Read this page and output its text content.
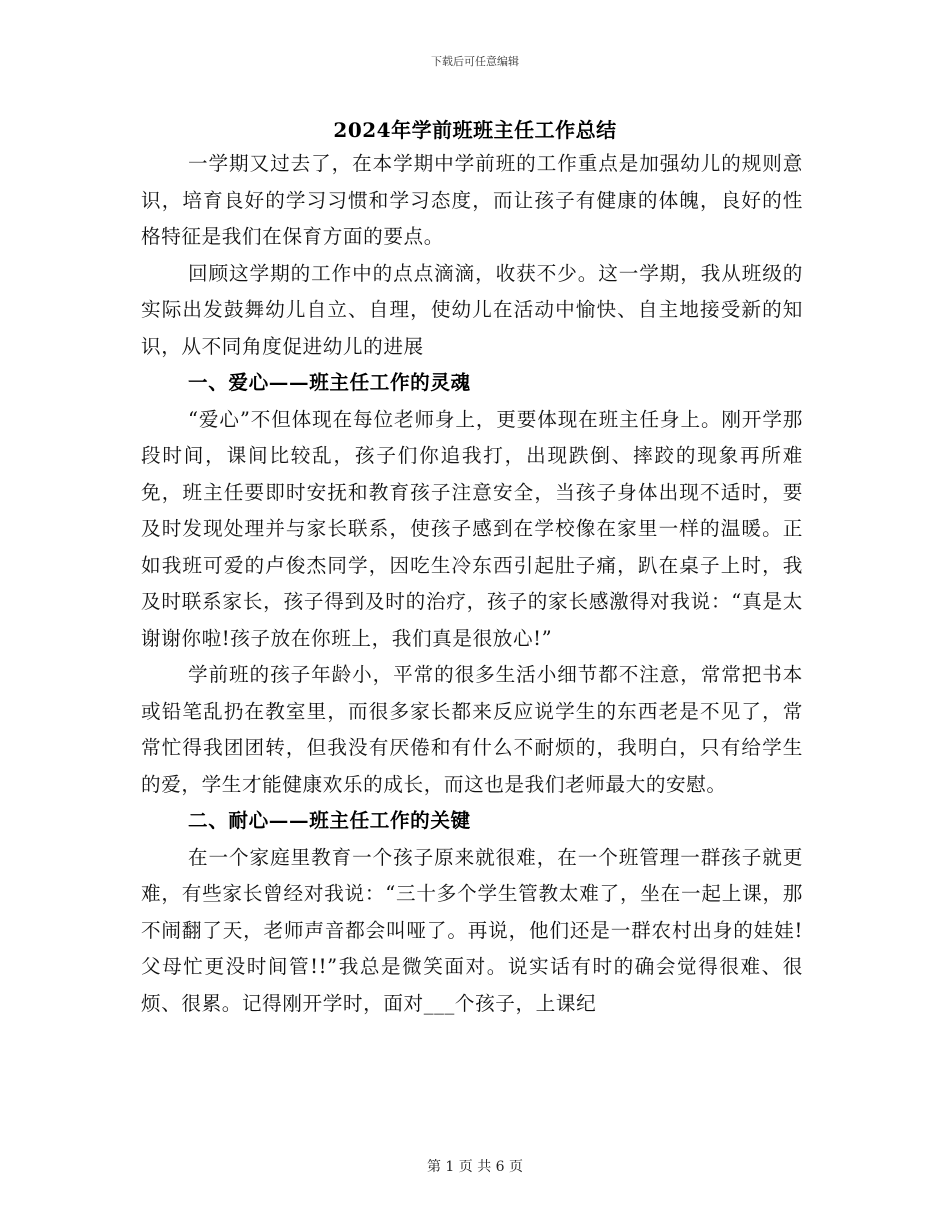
下载后可任意编辑
2024年学前班班主任工作总结

一学期又过去了，在本学期中学前班的工作重点是加强幼儿的规则意识，培育良好的学习习惯和学习态度，而让孩子有健康的体魄，良好的性格特征是我们在保育方面的要点。

回顾这学期的工作中的点点滴滴，收获不少。这一学期，我从班级的实际出发鼓舞幼儿自立、自理，使幼儿在活动中愉快、自主地接受新的知识，从不同角度促进幼儿的进展

一、爱心——班主任工作的灵魂

“爱心”不但体现在每位老师身上，更要体现在班主任身上。刚开学那段时间，课间比较乱，孩子们你追我打，出现跌倒、摔跤的现象再所难免，班主任要即时安抚和教育孩子注意安全，当孩子身体出现不适时，要及时发现处理并与家长联系，使孩子感到在学校像在家里一样的温暖。正如我班可爱的卢俊杰同学，因吃生冷东西引起肚子痛，趴在桌子上时，我及时联系家长，孩子得到及时的治疗，孩子的家长感激得对我说：“真是太谢谢你啦!孩子放在你班上，我们真是很放心!”

学前班的孩子年龄小，平常的很多生活小细节都不注意，常常把书本或铅笔乱扔在教室里，而很多家长都来反应说学生的东西老是不见了，常常忙得我团团转，但我没有厌倦和有什么不耐烦的，我明白，只有给学生的爱，学生才能健康欢乐的成长，而这也是我们老师最大的安慰。

二、耐心——班主任工作的关键

在一个家庭里教育一个孩子原来就很难，在一个班管理一群孩子就更难，有些家长曾经对我说：“三十多个学生管教太难了，坐在一起上课，那不闹翻了天，老师声音都会叫哑了。再说，他们还是一群农村出身的娃娃!父母忙更没时间管!!”我总是微笑面对。说实话有时的确会觉得很难、很烦、很累。记得刚开学时，面对___个孩子，上课纪

第 1 页 共 6 页
